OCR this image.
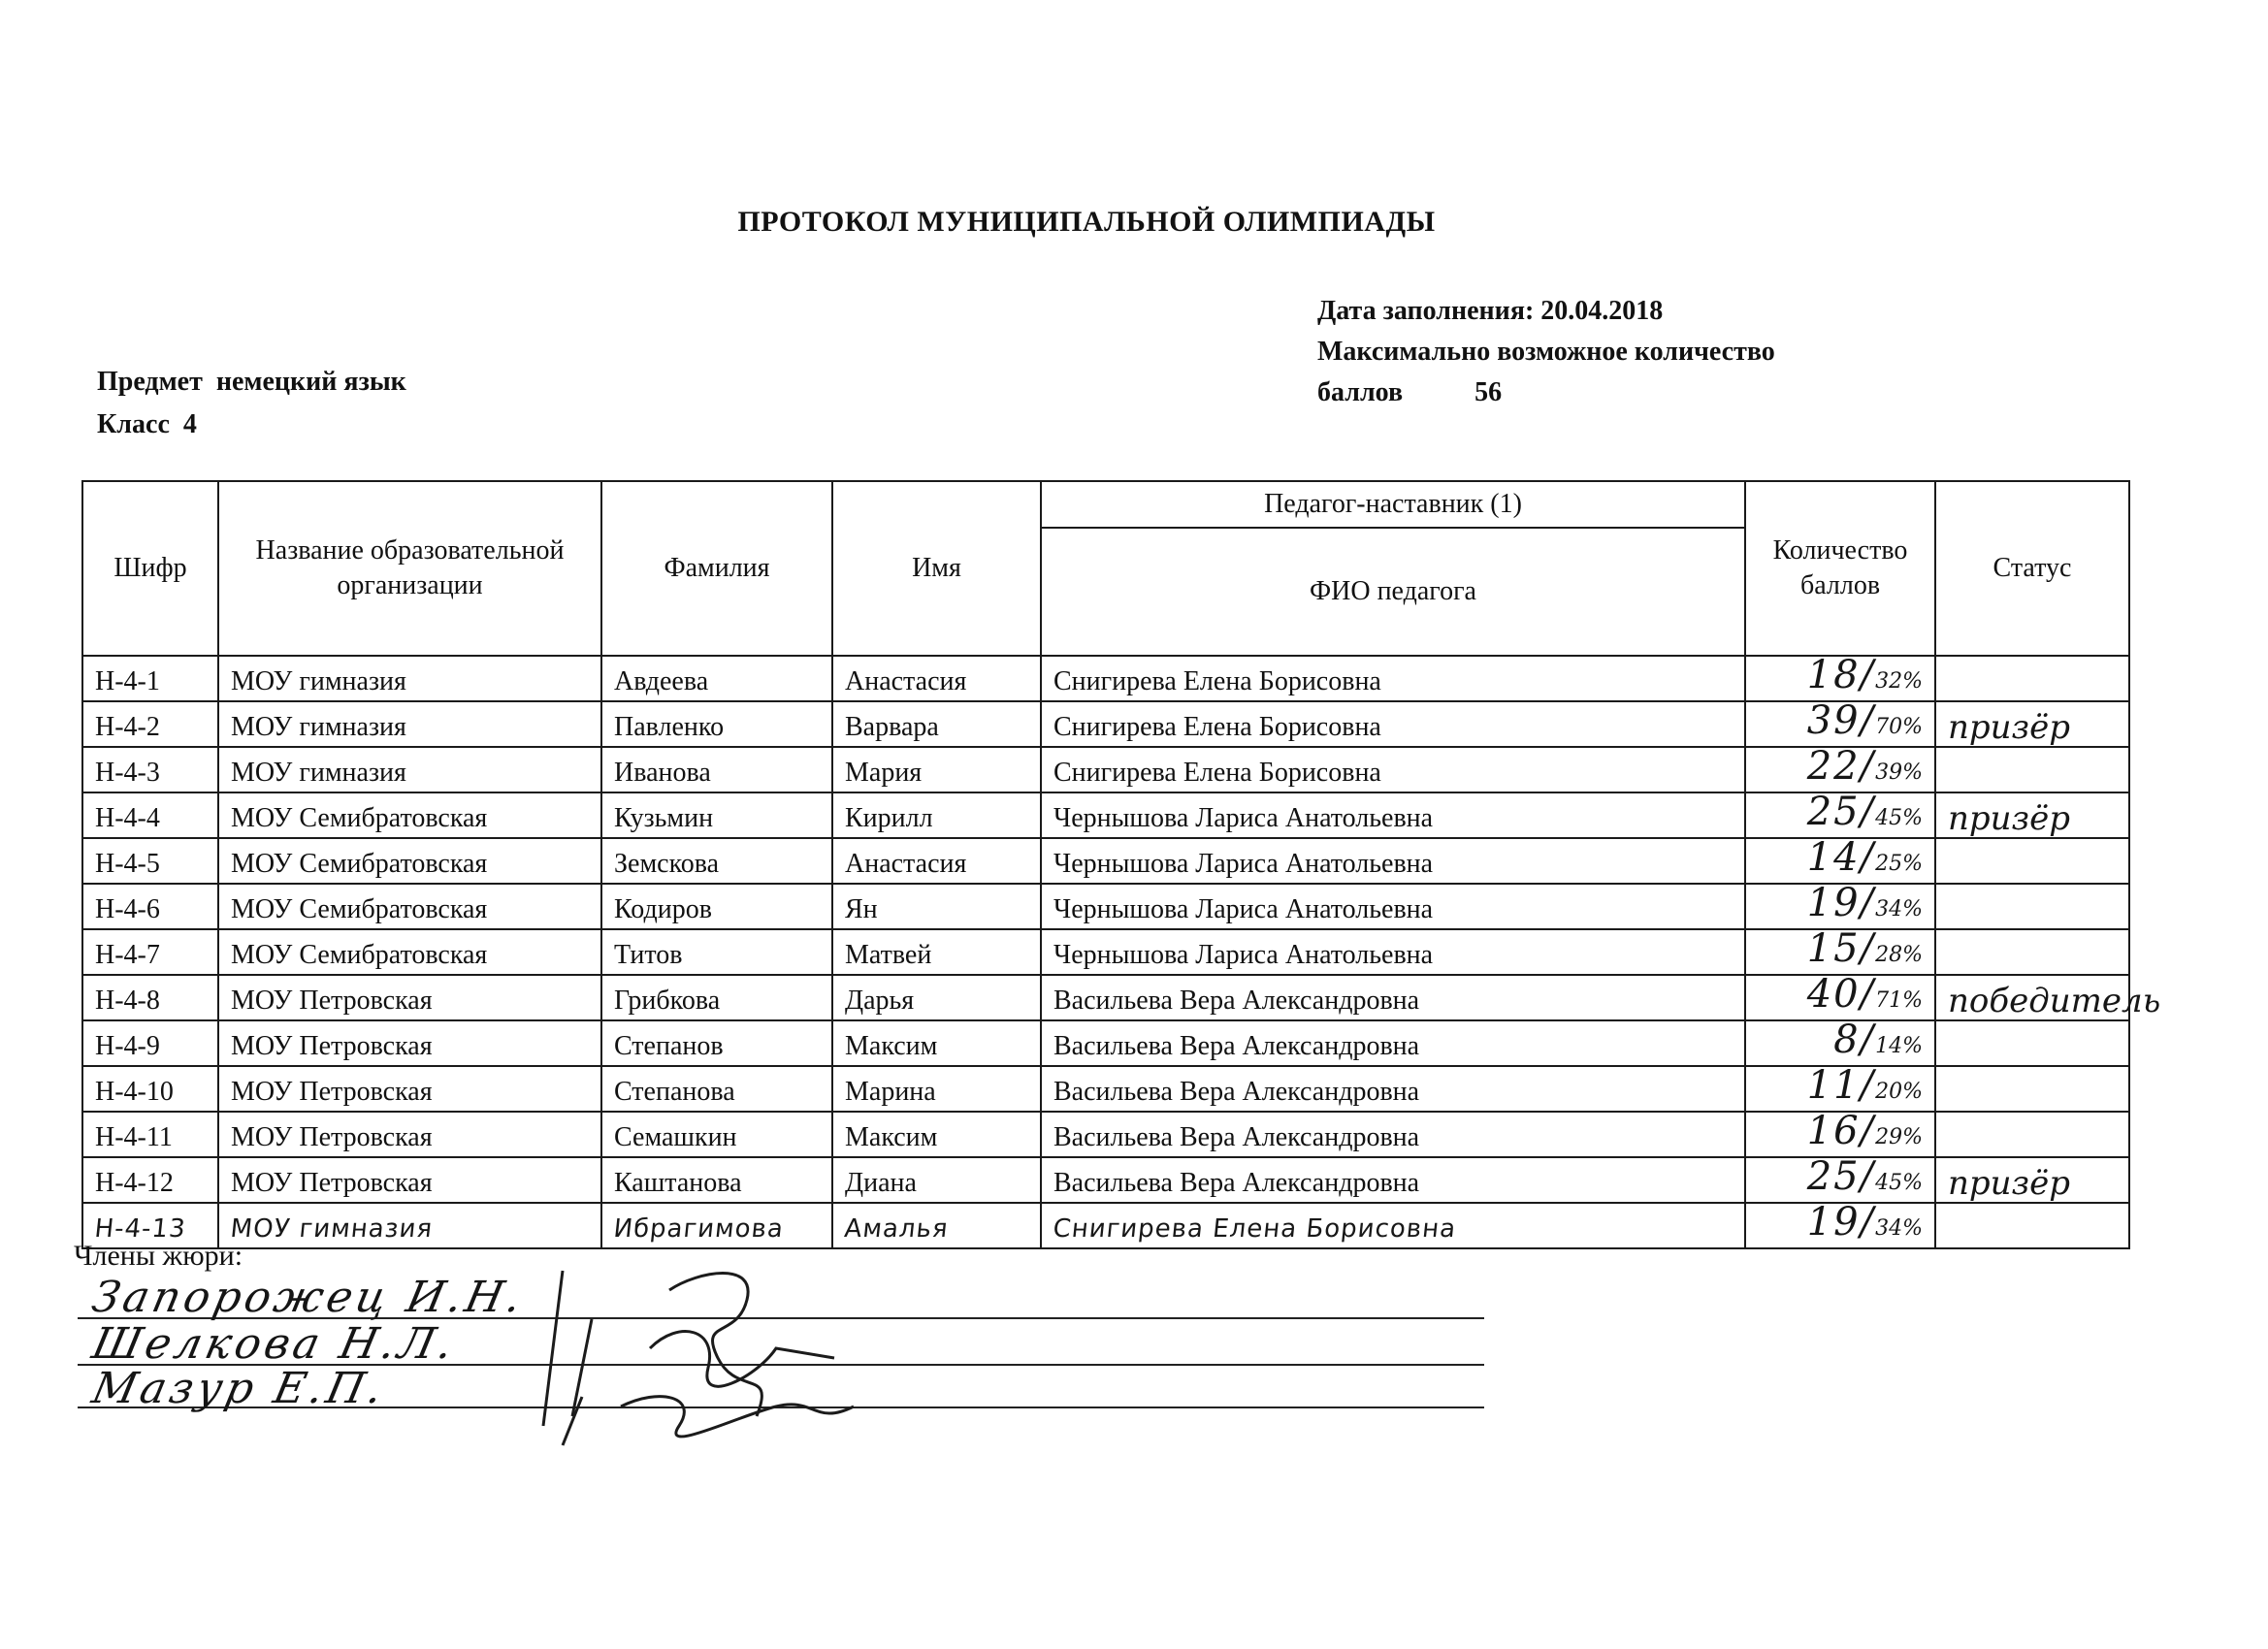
ПРОТОКОЛ МУНИЦИПАЛЬНОЙ ОЛИМПИАДЫ
Дата заполнения: 20.04.2018
Максимально возможное количество
баллов	56
Предмет немецкий язык
Класс 4
Шифр	Название образовательной организации	Фамилия	Имя	Педагог-наставник (1)	Количество баллов	Статус
				ФИО педагога		
Н-4-1	МОУ гимназия	Авдеева	Анастасия	Снигирева Елена Борисовна	18/32%	
Н-4-2	МОУ гимназия	Павленко	Варвара	Снигирева Елена Борисовна	39/70%	призёр
Н-4-3	МОУ гимназия	Иванова	Мария	Снигирева Елена Борисовна	22/39%	
Н-4-4	МОУ Семибратовская	Кузьмин	Кирилл	Чернышова Лариса Анатольевна	25/45%	призёр
Н-4-5	МОУ Семибратовская	Земскова	Анастасия	Чернышова Лариса Анатольевна	14/25%	
Н-4-6	МОУ Семибратовская	Кодиров	Ян	Чернышова Лариса Анатольевна	19/34%	
Н-4-7	МОУ Семибратовская	Титов	Матвей	Чернышова Лариса Анатольевна	15/28%	
Н-4-8	МОУ Петровская	Грибкова	Дарья	Васильева Вера Александровна	40/71%	победитель
Н-4-9	МОУ Петровская	Степанов	Максим	Васильева Вера Александровна	8/14%	
Н-4-10	МОУ Петровская	Степанова	Марина	Васильева Вера Александровна	11/20%	
Н-4-11	МОУ Петровская	Семашкин	Максим	Васильева Вера Александровна	16/29%	
Н-4-12	МОУ Петровская	Каштанова	Диана	Васильева Вера Александровна	25/45%	призёр
Н-4-13	МОУ гимназия	Ибрагимова	Амалья	Снигирева Елена Борисовна	19/34%	
Члены жюри:
Запорожец И.Н.
Шелкова Н.Л.
Мазур Е.П.
